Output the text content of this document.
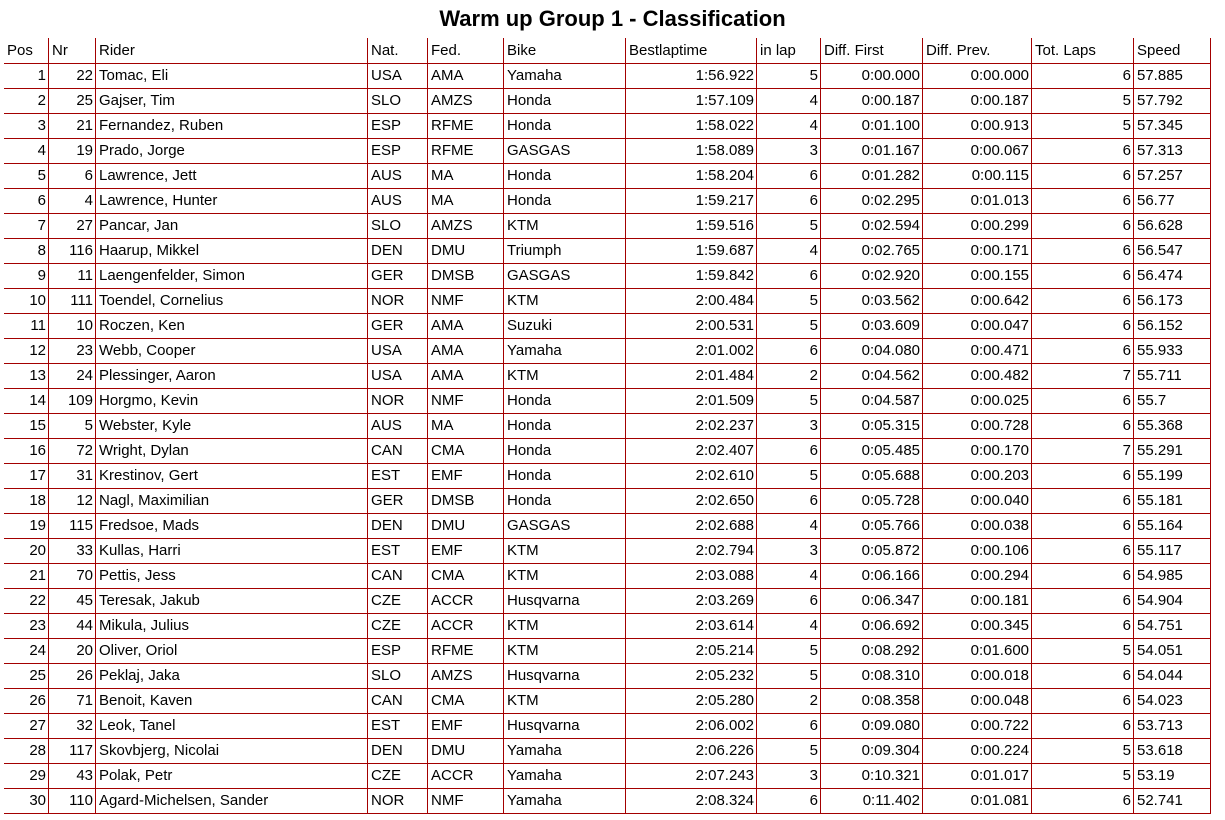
Warm up Group 1 - Classification
Pos	Nr	Rider	Nat.	Fed.	Bike	Bestlaptime	in lap	Diff. First	Diff. Prev.	Tot. Laps	Speed
1	22	Tomac, Eli	USA	AMA	Yamaha	1:56.922	5	0:00.000	0:00.000	6	57.885
2	25	Gajser, Tim	SLO	AMZS	Honda	1:57.109	4	0:00.187	0:00.187	5	57.792
3	21	Fernandez, Ruben	ESP	RFME	Honda	1:58.022	4	0:01.100	0:00.913	5	57.345
4	19	Prado, Jorge	ESP	RFME	GASGAS	1:58.089	3	0:01.167	0:00.067	6	57.313
5	6	Lawrence, Jett	AUS	MA	Honda	1:58.204	6	0:01.282	0:00.115	6	57.257
6	4	Lawrence, Hunter	AUS	MA	Honda	1:59.217	6	0:02.295	0:01.013	6	56.77
7	27	Pancar, Jan	SLO	AMZS	KTM	1:59.516	5	0:02.594	0:00.299	6	56.628
8	116	Haarup, Mikkel	DEN	DMU	Triumph	1:59.687	4	0:02.765	0:00.171	6	56.547
9	11	Laengenfelder, Simon	GER	DMSB	GASGAS	1:59.842	6	0:02.920	0:00.155	6	56.474
10	111	Toendel, Cornelius	NOR	NMF	KTM	2:00.484	5	0:03.562	0:00.642	6	56.173
11	10	Roczen, Ken	GER	AMA	Suzuki	2:00.531	5	0:03.609	0:00.047	6	56.152
12	23	Webb, Cooper	USA	AMA	Yamaha	2:01.002	6	0:04.080	0:00.471	6	55.933
13	24	Plessinger, Aaron	USA	AMA	KTM	2:01.484	2	0:04.562	0:00.482	7	55.711
14	109	Horgmo, Kevin	NOR	NMF	Honda	2:01.509	5	0:04.587	0:00.025	6	55.7
15	5	Webster, Kyle	AUS	MA	Honda	2:02.237	3	0:05.315	0:00.728	6	55.368
16	72	Wright, Dylan	CAN	CMA	Honda	2:02.407	6	0:05.485	0:00.170	7	55.291
17	31	Krestinov, Gert	EST	EMF	Honda	2:02.610	5	0:05.688	0:00.203	6	55.199
18	12	Nagl, Maximilian	GER	DMSB	Honda	2:02.650	6	0:05.728	0:00.040	6	55.181
19	115	Fredsoe, Mads	DEN	DMU	GASGAS	2:02.688	4	0:05.766	0:00.038	6	55.164
20	33	Kullas, Harri	EST	EMF	KTM	2:02.794	3	0:05.872	0:00.106	6	55.117
21	70	Pettis, Jess	CAN	CMA	KTM	2:03.088	4	0:06.166	0:00.294	6	54.985
22	45	Teresak, Jakub	CZE	ACCR	Husqvarna	2:03.269	6	0:06.347	0:00.181	6	54.904
23	44	Mikula, Julius	CZE	ACCR	KTM	2:03.614	4	0:06.692	0:00.345	6	54.751
24	20	Oliver, Oriol	ESP	RFME	KTM	2:05.214	5	0:08.292	0:01.600	5	54.051
25	26	Peklaj, Jaka	SLO	AMZS	Husqvarna	2:05.232	5	0:08.310	0:00.018	6	54.044
26	71	Benoit, Kaven	CAN	CMA	KTM	2:05.280	2	0:08.358	0:00.048	6	54.023
27	32	Leok, Tanel	EST	EMF	Husqvarna	2:06.002	6	0:09.080	0:00.722	6	53.713
28	117	Skovbjerg, Nicolai	DEN	DMU	Yamaha	2:06.226	5	0:09.304	0:00.224	5	53.618
29	43	Polak, Petr	CZE	ACCR	Yamaha	2:07.243	3	0:10.321	0:01.017	5	53.19
30	110	Agard-Michelsen, Sander	NOR	NMF	Yamaha	2:08.324	6	0:11.402	0:01.081	6	52.741
